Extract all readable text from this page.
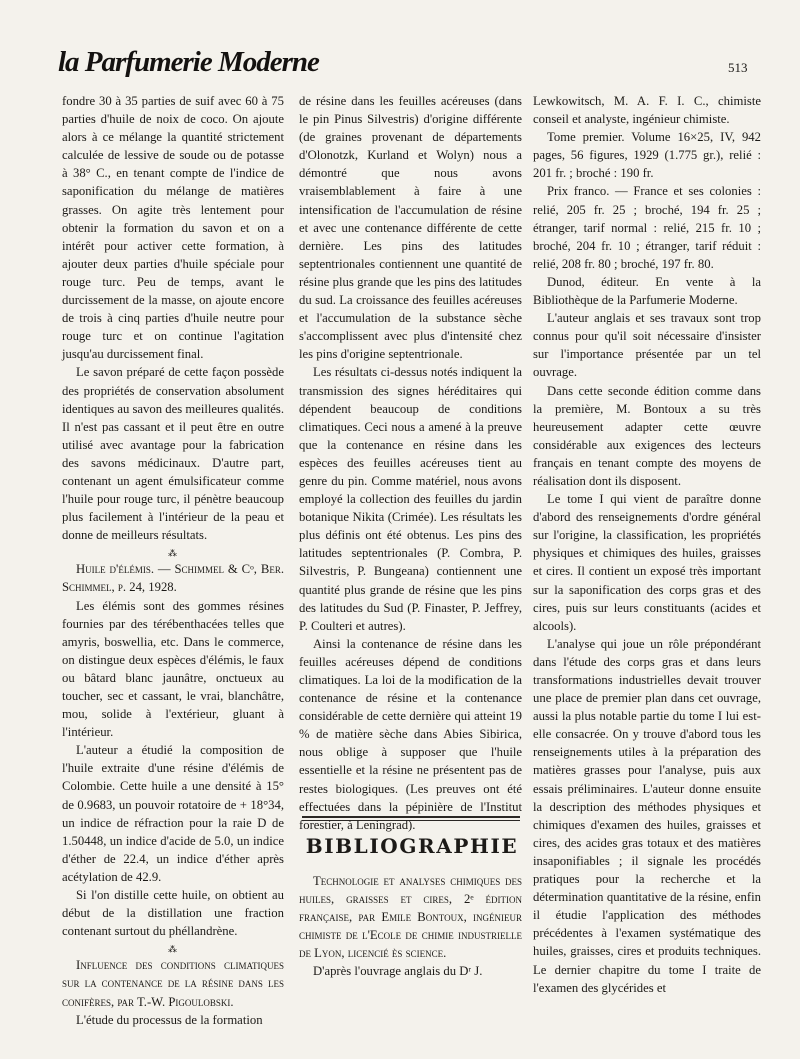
la Parfumerie Moderne	513

fondre 30 à 35 parties de suif avec 60 à 75 parties d'huile de noix de coco. On ajoute alors à ce mélange la quantité strictement calculée de lessive de soude ou de potasse à 38° C., en tenant compte de l'indice de saponification du mélange de matières grasses. On agite très lentement pour obtenir la formation du savon et on a intérêt pour activer cette formation, à ajouter deux parties d'huile spéciale pour rouge turc. Peu de temps, avant le durcissement de la masse, on ajoute encore de trois à cinq parties d'huile neutre pour rouge turc et on continue l'agitation jusqu'au durcissement final.

Le savon préparé de cette façon possède des propriétés de conservation absolument identiques au savon des meilleures qualités. Il n'est pas cassant et il peut être en outre utilisé avec avantage pour la fabrication des savons médicinaux. D'autre part, contenant un agent émulsificateur comme l'huile pour rouge turc, il pénètre beaucoup plus facilement à l'intérieur de la peau et donne de meilleurs résultats.

⁂

Huile d'élémis. — Schimmel & Cᵒ, Ber. Schimmel, p. 24, 1928.

Les élémis sont des gommes résines fournies par des térébenthacées telles que amyris, boswellia, etc. Dans le commerce, on distingue deux espèces d'élémis, le faux ou bâtard blanc jaunâtre, onctueux au toucher, sec et cassant, le vrai, blanchâtre, mou, solide à l'extérieur, gluant à l'intérieur.

L'auteur a étudié la composition de l'huile extraite d'une résine d'élémis de Colombie. Cette huile a une densité à 15° de 0.9683, un pouvoir rotatoire de + 18°34, un indice de réfraction pour la raie D de 1.50448, un indice d'acide de 5.0, un indice d'éther de 22.4, un indice d'éther après acétylation de 42.9.

Si l'on distille cette huile, on obtient au début de la distillation une fraction contenant surtout du phéllandrène.

⁂

Influence des conditions climatiques sur la contenance de la résine dans les conifères, par T.-W. Pigoulobski.

L'étude du processus de la formation

de résine dans les feuilles acéreuses (dans le pin Pinus Silvestris) d'origine différente (de graines provenant de départements d'Olonotzk, Kurland et Wolyn) nous a démontré que nous avons vraisemblablement à faire à une intensification de l'accumulation de résine et avec une contenance différente de cette dernière. Les pins des latitudes septentrionales contiennent une quantité de résine plus grande que les pins des latitudes du sud. La croissance des feuilles acéreuses et l'accumulation de la substance sèche s'accomplissent avec plus d'intensité chez les pins d'origine septentrionale.

Les résultats ci-dessus notés indiquent la transmission des signes héréditaires qui dépendent beaucoup de conditions climatiques. Ceci nous a amené à la preuve que la contenance en résine dans les espèces des feuilles acéreuses tient au genre du pin. Comme matériel, nous avons employé la collection des feuilles du jardin botanique Nikita (Crimée). Les résultats les plus définis ont été obtenus. Les pins des latitudes septentrionales (P. Combra, P. Silvestris, P. Bungeana) contiennent une quantité plus grande de résine que les pins des latitudes du Sud (P. Finaster, P. Jeffrey, P. Coulteri et autres).

Ainsi la contenance de résine dans les feuilles acéreuses dépend de conditions climatiques. La loi de la modification de la contenance de résine et la contenance considérable de cette dernière qui atteint 19 % de matière sèche dans Abies Sibirica, nous oblige à supposer que l'huile essentielle et la résine ne présentent pas de restes biologiques. (Les preuves ont été effectuées dans la pépinière de l'Institut forestier, à Leningrad).

BIBLIOGRAPHIE

Technologie et analyses chimiques des huiles, graisses et cires, 2ᵉ édition française, par Emile Bontoux, ingénieur chimiste de l'Ecole de chimie industrielle de Lyon, licencié ès science.

D'après l'ouvrage anglais du Dʳ J.

Lewkowitsch, M. A. F. I. C., chimiste conseil et analyste, ingénieur chimiste.

Tome premier. Volume 16×25, IV, 942 pages, 56 figures, 1929 (1.775 gr.), relié : 201 fr. ; broché : 190 fr.

Prix franco. — France et ses colonies : relié, 205 fr. 25 ; broché, 194 fr. 25 ; étranger, tarif normal : relié, 215 fr. 10 ; broché, 204 fr. 10 ; étranger, tarif réduit : relié, 208 fr. 80 ; broché, 197 fr. 80.

Dunod, éditeur. En vente à la Bibliothèque de la Parfumerie Moderne.

L'auteur anglais et ses travaux sont trop connus pour qu'il soit nécessaire d'insister sur l'importance présentée par un tel ouvrage.

Dans cette seconde édition comme dans la première, M. Bontoux a su très heureusement adapter cette œuvre considérable aux exigences des lecteurs français en tenant compte des moyens de réalisation dont ils disposent.

Le tome I qui vient de paraître donne d'abord des renseignements d'ordre général sur l'origine, la classification, les propriétés physiques et chimiques des huiles, graisses et cires. Il contient un exposé très important sur la saponification des corps gras et des cires, puis sur leurs constituants (acides et alcools).

L'analyse qui joue un rôle prépondérant dans l'étude des corps gras et dans leurs transformations industrielles devait trouver une place de premier plan dans cet ouvrage, aussi la plus notable partie du tome I lui est-elle consacrée. On y trouve d'abord tous les renseignements utiles à la préparation des matières grasses pour l'analyse, puis aux essais préliminaires. L'auteur donne ensuite la description des méthodes physiques et chimiques d'examen des huiles, graisses et cires, des acides gras totaux et des matières insaponifiables ; il signale les procédés pratiques pour la recherche et la détermination quantitative de la résine, enfin il étudie l'application des méthodes précédentes à l'examen systématique des huiles, graisses, cires et produits techniques. Le dernier chapitre du tome I traite de l'examen des glycérides et
